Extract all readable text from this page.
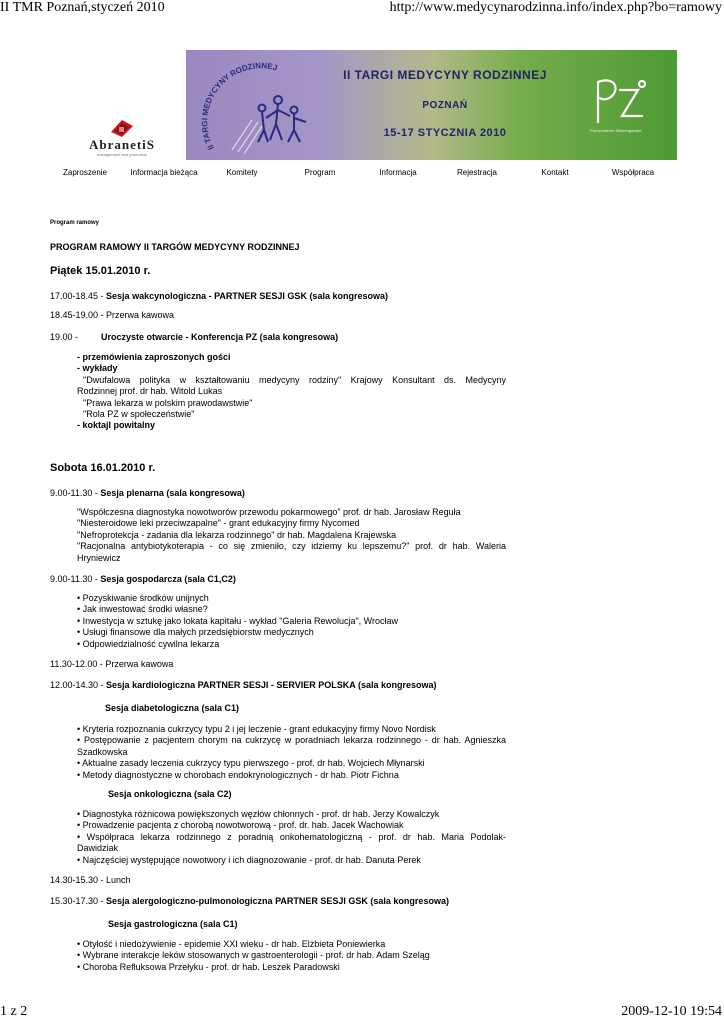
II TMR Poznań,styczeń 2010	http://www.medycynarodzinna.info/index.php?bo=ramowy
1 z 2	2009-12-10 19:54
AbranetiS
management and promotion
II TARGI MEDYCYNY RODZINNEJ
II TARGI MEDYCYNY RODZINNEJ
POZNAŃ
15-17 STYCZNIA 2010	Porozumienie Zielonogórskie
Zaproszenie	Informacja bieżąca	Komitety	Program	Informacja	Rejestracja	Kontakt	Współpraca
Program ramowy
PROGRAM RAMOWY II TARGÓW MEDYCYNY RODZINNEJ
Piątek 15.01.2010 r.
17.00-18.45 - Sesja wakcynologiczna - PARTNER SESJI GSK (sala kongresowa)
18.45-19.00 - Przerwa kawowa
19.00 -	Uroczyste otwarcie - Konferencja PZ (sala kongresowa)
- przemówienia zaproszonych gości
- wykłady
"Dwufalowa polityka w kształtowaniu medycyny rodziny" Krajowy Konsultant ds. Medycyny
Rodzinnej prof. dr hab. Witold Lukas
"Prawa lekarza w polskim prawodawstwie"
"Rola PZ w społeczeństwie"
- koktajl powitalny
Sobota 16.01.2010 r.
9.00-11.30 - Sesja plenarna (sala kongresowa)
"Współczesna diagnostyka nowotworów przewodu pokarmowego" prof. dr hab. Jarosław Reguła
"Niesteroidowe leki przeciwzapalne" - grant edukacyjny firmy Nycomed
"Nefroprotekcja - zadania dla lekarza rodzinnego" dr hab. Magdalena Krajewska
"Racjonalna antybiotykoterapia - co się zmieniło, czy idziemy ku lepszemu?" prof. dr hab. Waleria
Hryniewicz
9.00-11.30 - Sesja gospodarcza (sala C1,C2)
• Pozyskiwanie środków unijnych
• Jak inwestować środki własne?
• Inwestycja w sztukę jako lokata kapitału - wykład "Galeria Rewolucja", Wrocław
• Usługi finansowe dla małych przedsiębiorstw medycznych
• Odpowiedzialność cywilna lekarza
11.30-12.00 - Przerwa kawowa
12.00-14.30 - Sesja kardiologiczna PARTNER SESJI - SERVIER POLSKA (sala kongresowa)
Sesja diabetologiczna (sala C1)
• Kryteria rozpoznania cukrzycy typu 2 i jej leczenie - grant edukacyjny firmy Novo Nordisk
• Postępowanie z pacjentem chorym na cukrzycę w poradniach lekarza rodzinnego - dr hab. Agnieszka
Szadkowska
• Aktualne zasady leczenia cukrzycy typu pierwszego - prof. dr hab. Wojciech Młynarski
• Metody diagnostyczne w chorobach endokrynologicznych - dr hab. Piotr Fichna
Sesja onkologiczna (sala C2)
• Diagnostyka różnicowa powiększonych węzłów chłonnych - prof. dr hab. Jerzy Kowalczyk
• Prowadzenie pacjenta z chorobą nowotworową - prof. dr. hab. Jacek Wachowiak
• Współpraca lekarza rodzinnego z poradnią onkohematologiczną - prof. dr hab. Maria Podolak-
Dawidziak
• Najczęściej występujące nowotwory i ich diagnozowanie - prof. dr hab. Danuta Perek
14.30-15.30 - Lunch
15.30-17.30 - Sesja alergologiczno-pulmonologiczna PARTNER SESJI GSK (sala kongresowa)
Sesja gastrologiczna (sala C1)
• Otyłość i niedożywienie - epidemie XXI wieku - dr hab. Elżbieta Poniewierka
• Wybrane interakcje leków stosowanych w gastroenterologii - prof. dr hab. Adam Szeląg
• Choroba Refluksowa Przełyku - prof. dr hab. Leszek Paradowski
